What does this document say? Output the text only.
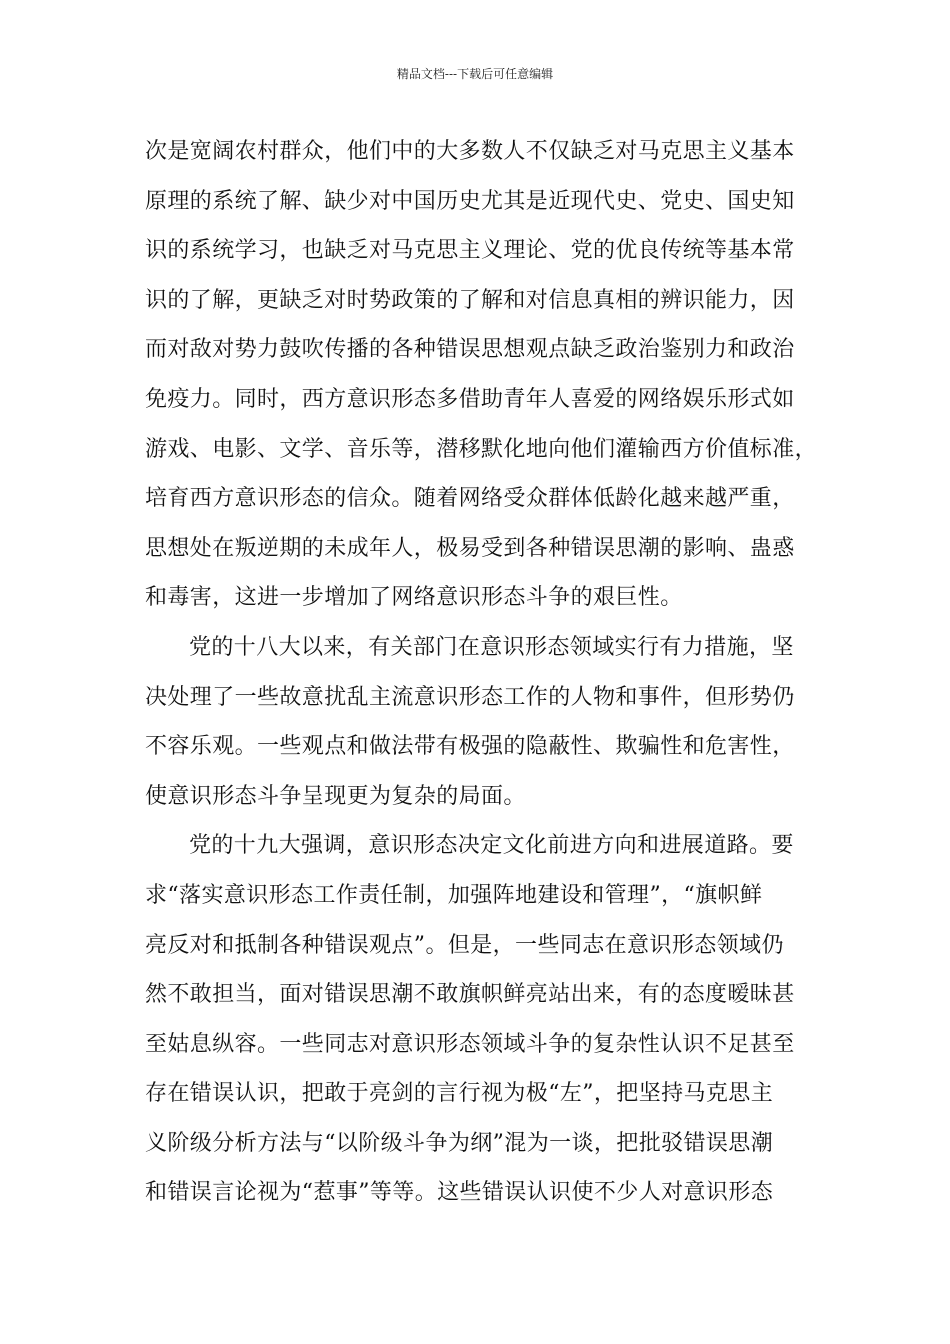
精品文档---下载后可任意编辑
次是宽阔农村群众，他们中的大多数人不仅缺乏对马克思主义基本
原理的系统了解、缺少对中国历史尤其是近现代史、党史、国史知
识的系统学习，也缺乏对马克思主义理论、党的优良传统等基本常
识的了解，更缺乏对时势政策的了解和对信息真相的辨识能力，因
而对敌对势力鼓吹传播的各种错误思想观点缺乏政治鉴别力和政治
免疫力。同时，西方意识形态多借助青年人喜爱的网络娱乐形式如
游戏、电影、文学、音乐等，潜移默化地向他们灌输西方价值标准，
培育西方意识形态的信众。随着网络受众群体低龄化越来越严重，
思想处在叛逆期的未成年人，极易受到各种错误思潮的影响、蛊惑
和毒害，这进一步增加了网络意识形态斗争的艰巨性。
党的十八大以来，有关部门在意识形态领域实行有力措施，坚
决处理了一些故意扰乱主流意识形态工作的人物和事件，但形势仍
不容乐观。一些观点和做法带有极强的隐蔽性、欺骗性和危害性，
使意识形态斗争呈现更为复杂的局面。
党的十九大强调，意识形态决定文化前进方向和进展道路。要
求“落实意识形态工作责任制，加强阵地建设和管理”，“旗帜鲜
亮反对和抵制各种错误观点”。但是，一些同志在意识形态领域仍
然不敢担当，面对错误思潮不敢旗帜鲜亮站出来，有的态度暧昧甚
至姑息纵容。一些同志对意识形态领域斗争的复杂性认识不足甚至
存在错误认识，把敢于亮剑的言行视为极“左”，把坚持马克思主
义阶级分析方法与“以阶级斗争为纲”混为一谈，把批驳错误思潮
和错误言论视为“惹事”等等。这些错误认识使不少人对意识形态
